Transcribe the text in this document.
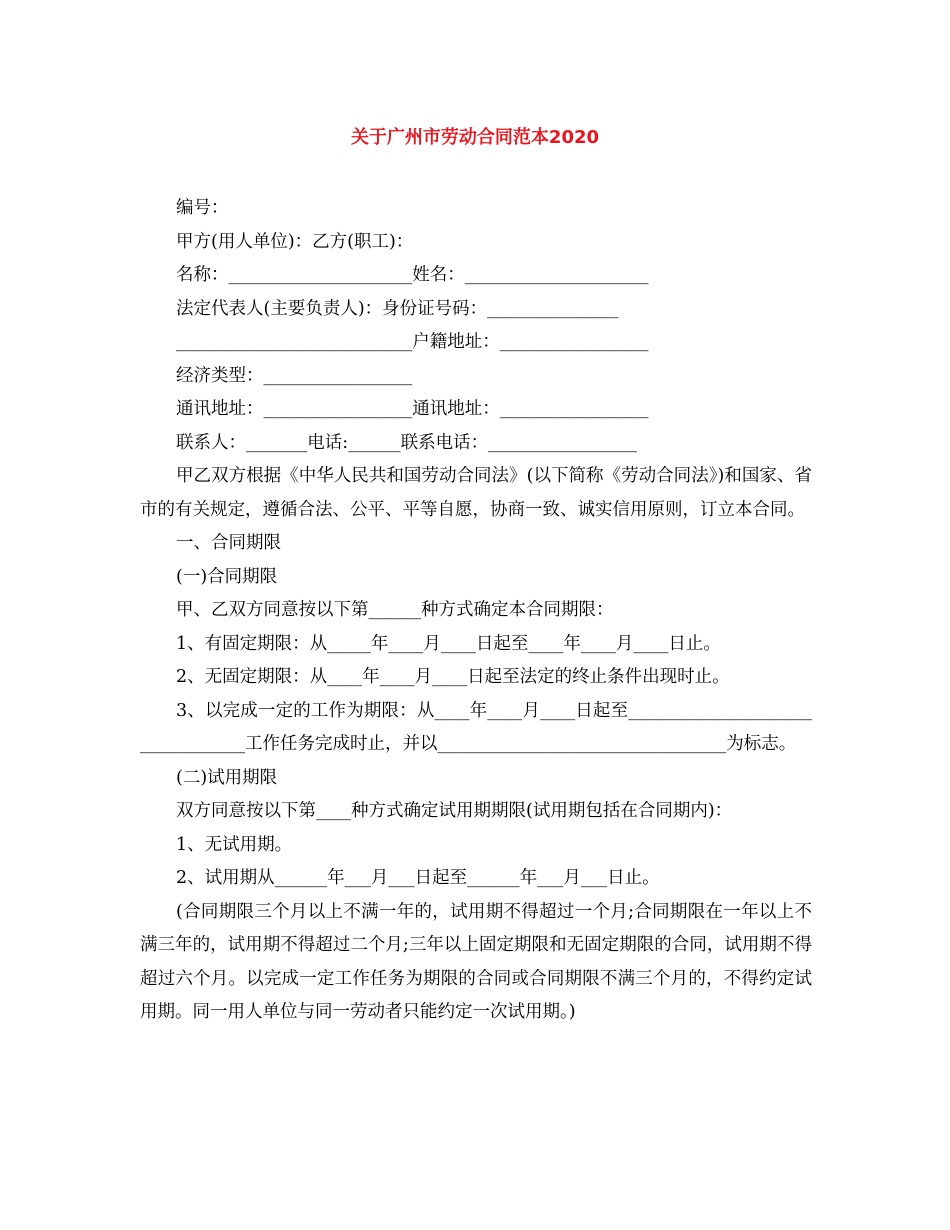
关于广州市劳动合同范本2020
编号：
甲方(用人单位)：乙方(职工)：
名称：_____________________姓名：_____________________
法定代表人(主要负责人)：身份证号码：_______________
___________________________户籍地址：_________________
经济类型：_________________
通讯地址：_________________通讯地址：_________________
联系人：_______电话:______联系电话：_________________
甲乙双方根据《中华人民共和国劳动合同法》(以下简称《劳动合同法》)和国家、省市的有关规定，遵循合法、公平、平等自愿，协商一致、诚实信用原则，订立本合同。
一、合同期限
(一)合同期限
甲、乙双方同意按以下第______种方式确定本合同期限：
1、有固定期限：从_____年____月____日起至____年____月____日止。
2、无固定期限：从____年____月____日起至法定的终止条件出现时止。
3、以完成一定的工作为期限：从____年____月____日起至_________________________________工作任务完成时止，并以_________________________________为标志。
(二)试用期限
双方同意按以下第____种方式确定试用期期限(试用期包括在合同期内)：
1、无试用期。
2、试用期从______年___月___日起至______年___月___日止。
(合同期限三个月以上不满一年的，试用期不得超过一个月;合同期限在一年以上不满三年的，试用期不得超过二个月;三年以上固定期限和无固定期限的合同，试用期不得超过六个月。以完成一定工作任务为期限的合同或合同期限不满三个月的，不得约定试用期。同一用人单位与同一劳动者只能约定一次试用期。)
